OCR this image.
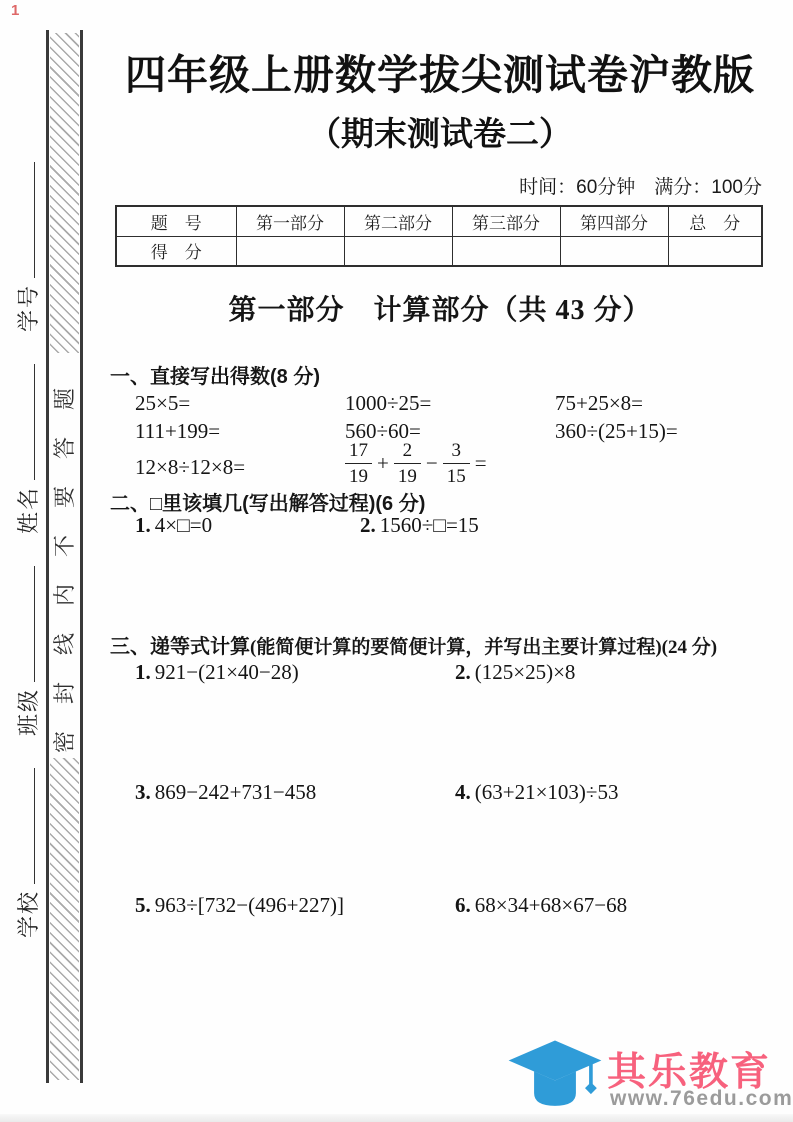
1
学校
班级
姓名
学号
密封线内不要答题
四年级上册数学拔尖测试卷沪教版
（期末测试卷二）
时间：60分钟　满分：100分
题　号	第一部分	第二部分	第三部分	第四部分	总　分
得　分					
第一部分　计算部分（共 43 分）
一、直接写出得数(8 分)
25×5=	1000÷25=	75+25×8=
111+199=	560÷60=	360÷(25+15)=
12×8÷12×8=	$\frac{17}{19} + \frac{2}{19} - \frac{3}{15}$ =
二、□里该填几(写出解答过程)(6 分)
1. 4×□=0	2. 1560÷□=15
三、递等式计算(能简便计算的要简便计算，并写出主要计算过程)(24 分)
1. 921−(21×40−28)	2. (125×25)×8
3. 869−242+731−458	4. (63+21×103)÷53
5. 963÷[732−(496+227)]	6. 68×34+68×67−68
其乐教育
www.76edu.com
